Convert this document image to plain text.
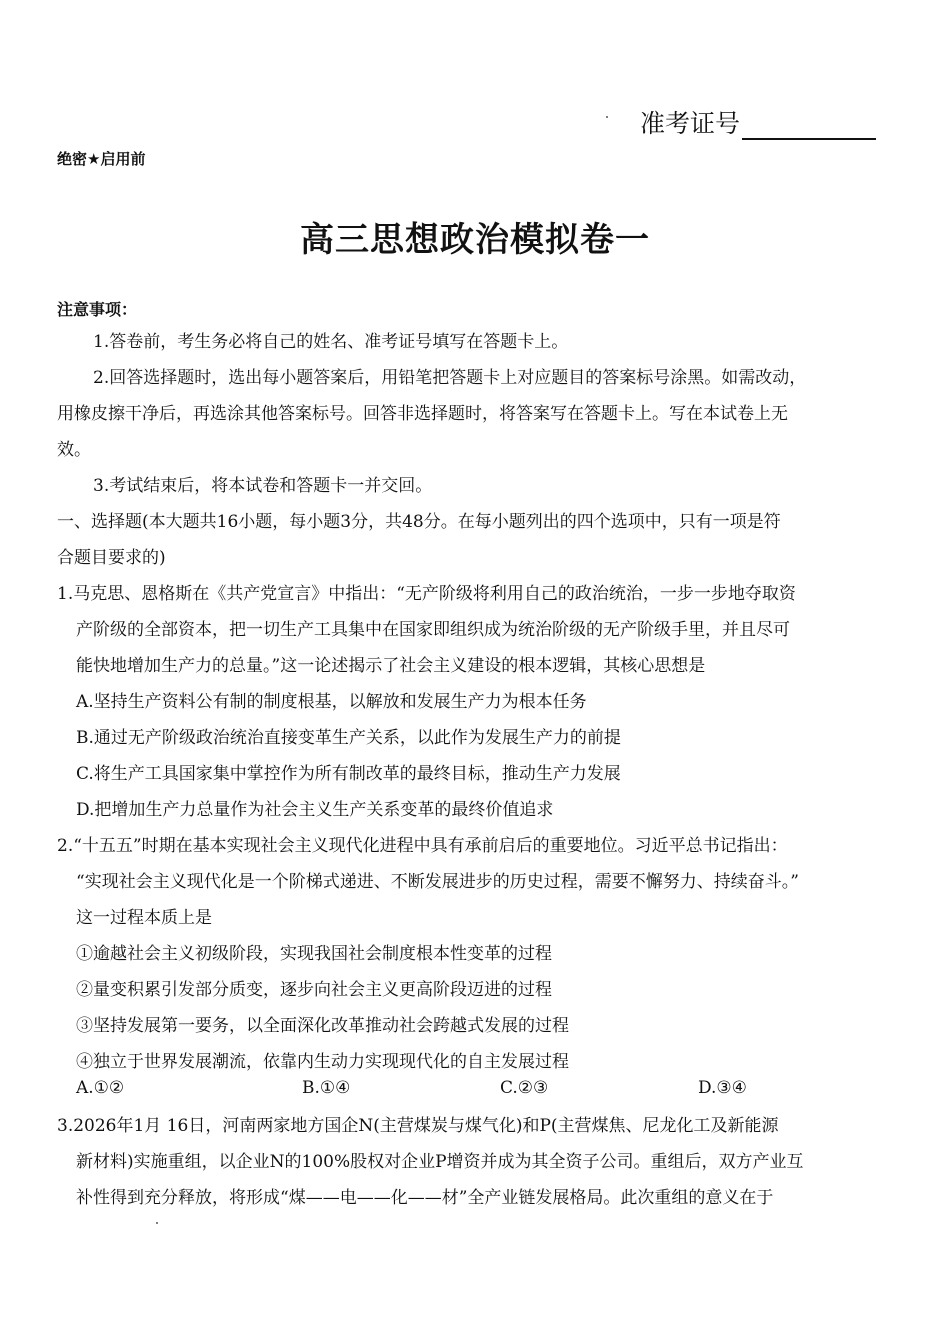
准考证号
绝密★启用前
高三思想政治模拟卷一
注意事项：
1.答卷前，考生务必将自己的姓名、准考证号填写在答题卡上。
2.回答选择题时，选出每小题答案后，用铅笔把答题卡上对应题目的答案标号涂黑。如需改动，
用橡皮擦干净后，再选涂其他答案标号。回答非选择题时，将答案写在答题卡上。写在本试卷上无
效。
3.考试结束后，将本试卷和答题卡一并交回。
一、选择题(本大题共16小题，每小题3分，共48分。在每小题列出的四个选项中，只有一项是符
合题目要求的)
1.马克思、恩格斯在《共产党宣言》中指出：“无产阶级将利用自己的政治统治，一步一步地夺取资
产阶级的全部资本，把一切生产工具集中在国家即组织成为统治阶级的无产阶级手里，并且尽可
能快地增加生产力的总量。”这一论述揭示了社会主义建设的根本逻辑，其核心思想是
A.坚持生产资料公有制的制度根基，以解放和发展生产力为根本任务
B.通过无产阶级政治统治直接变革生产关系，以此作为发展生产力的前提
C.将生产工具国家集中掌控作为所有制改革的最终目标，推动生产力发展
D.把增加生产力总量作为社会主义生产关系变革的最终价值追求
2.“十五五”时期在基本实现社会主义现代化进程中具有承前启后的重要地位。习近平总书记指出：
“实现社会主义现代化是一个阶梯式递进、不断发展进步的历史过程，需要不懈努力、持续奋斗。”
这一过程本质上是
①逾越社会主义初级阶段，实现我国社会制度根本性变革的过程
②量变积累引发部分质变，逐步向社会主义更高阶段迈进的过程
③坚持发展第一要务，以全面深化改革推动社会跨越式发展的过程
④独立于世界发展潮流，依靠内生动力实现现代化的自主发展过程
A.①②	B.①④	C.②③	D.③④
3.2026年1月 16日，河南两家地方国企N(主营煤炭与煤气化)和P(主营煤焦、尼龙化工及新能源
新材料)实施重组，以企业N的100%股权对企业P增资并成为其全资子公司。重组后，双方产业互
补性得到充分释放，将形成“煤——电——化——材”全产业链发展格局。此次重组的意义在于
